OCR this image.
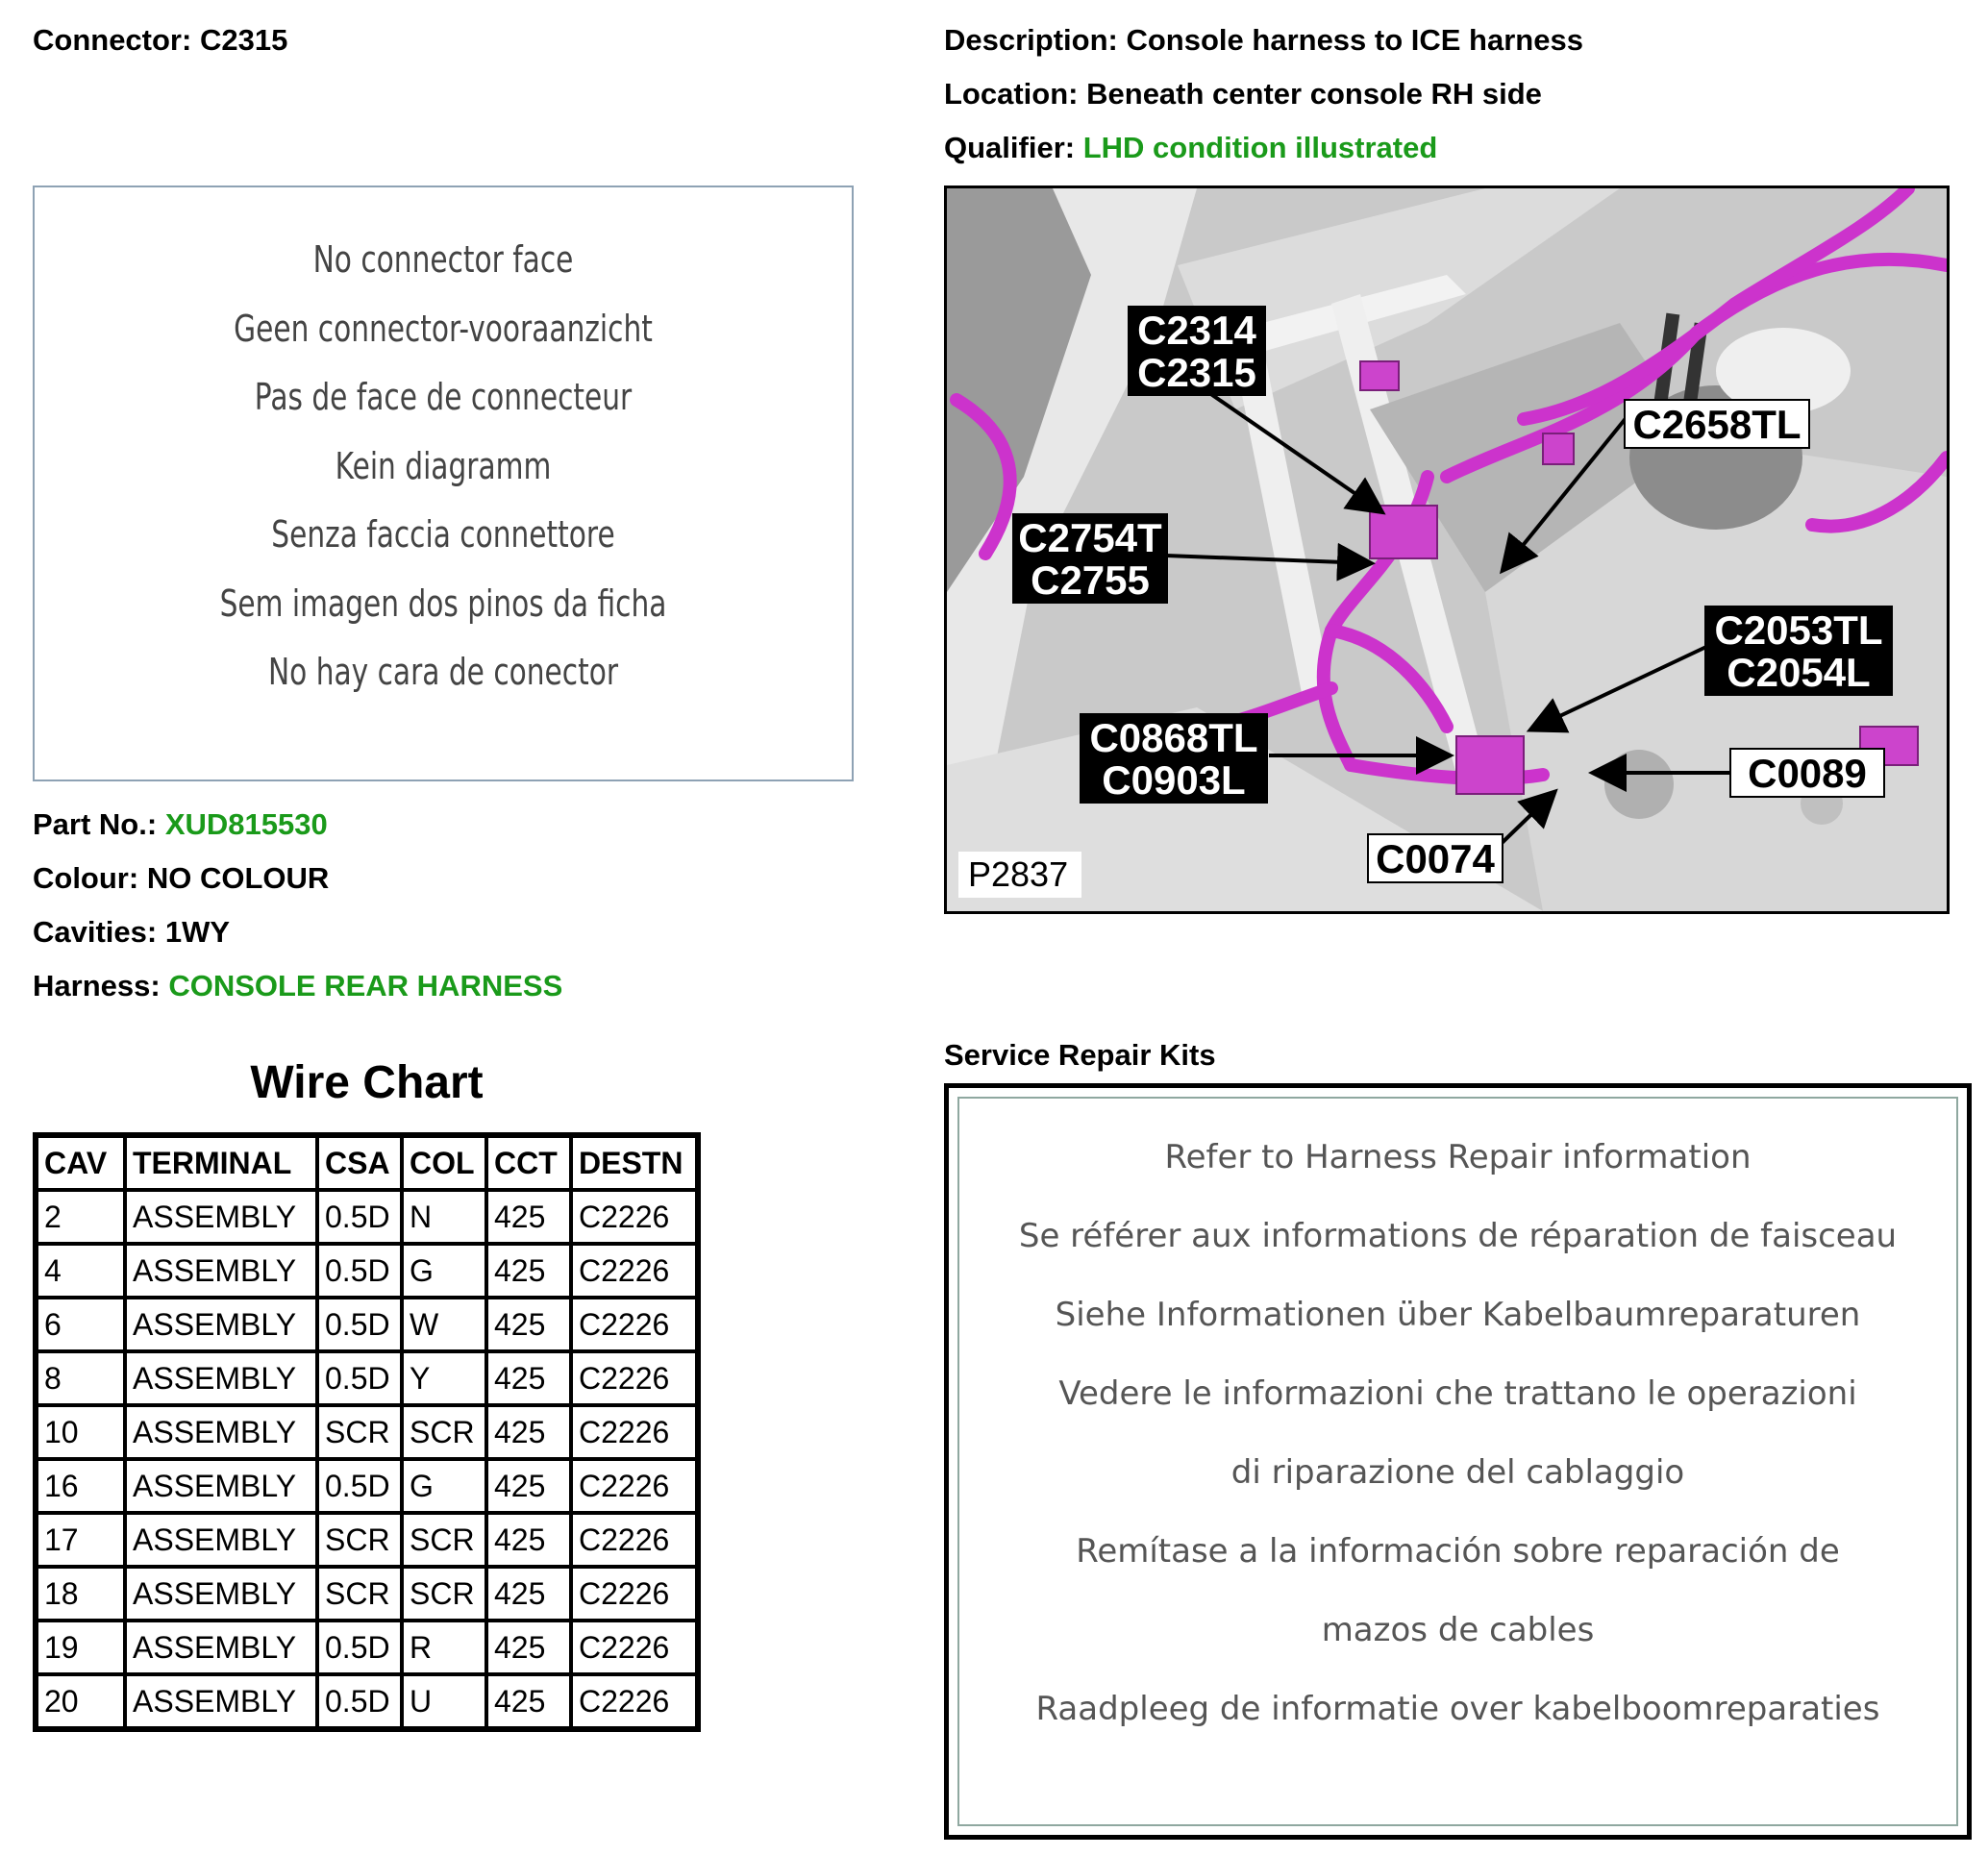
Connector: C2315	Description: Console harness to ICE harness
Location: Beneath center console RH side
Qualifier: LHD condition illustrated
No connector face
Geen connector-vooraanzicht
Pas de face de connecteur
Kein diagramm
Senza faccia connettore
Sem imagen dos pinos da ficha
No hay cara de conector
Part No.: XUD815530
Colour: NO COLOUR
Cavities: 1WY
Harness: CONSOLE REAR HARNESS
Wire Chart
CAV	TERMINAL	CSA	COL	CCT	DESTN
2	ASSEMBLY	0.5D	N	425	C2226
4	ASSEMBLY	0.5D	G	425	C2226
6	ASSEMBLY	0.5D	W	425	C2226
8	ASSEMBLY	0.5D	Y	425	C2226
10	ASSEMBLY	SCR	SCR	425	C2226
16	ASSEMBLY	0.5D	G	425	C2226
17	ASSEMBLY	SCR	SCR	425	C2226
18	ASSEMBLY	SCR	SCR	425	C2226
19	ASSEMBLY	0.5D	R	425	C2226
20	ASSEMBLY	0.5D	U	425	C2226
C2314
C2315
C2658TL
C2754T
C2755
C2053TL
C2054L
C0868TL
C0903L	C0089
C0074
P2837
Service Repair Kits
Refer to Harness Repair information
Se référer aux informations de réparation de faisceau
Siehe Informationen über Kabelbaumreparaturen
Vedere le informazioni che trattano le operazioni
di riparazione del cablaggio
Remítase a la información sobre reparación de
mazos de cables
Raadpleeg de informatie over kabelboomreparaties
